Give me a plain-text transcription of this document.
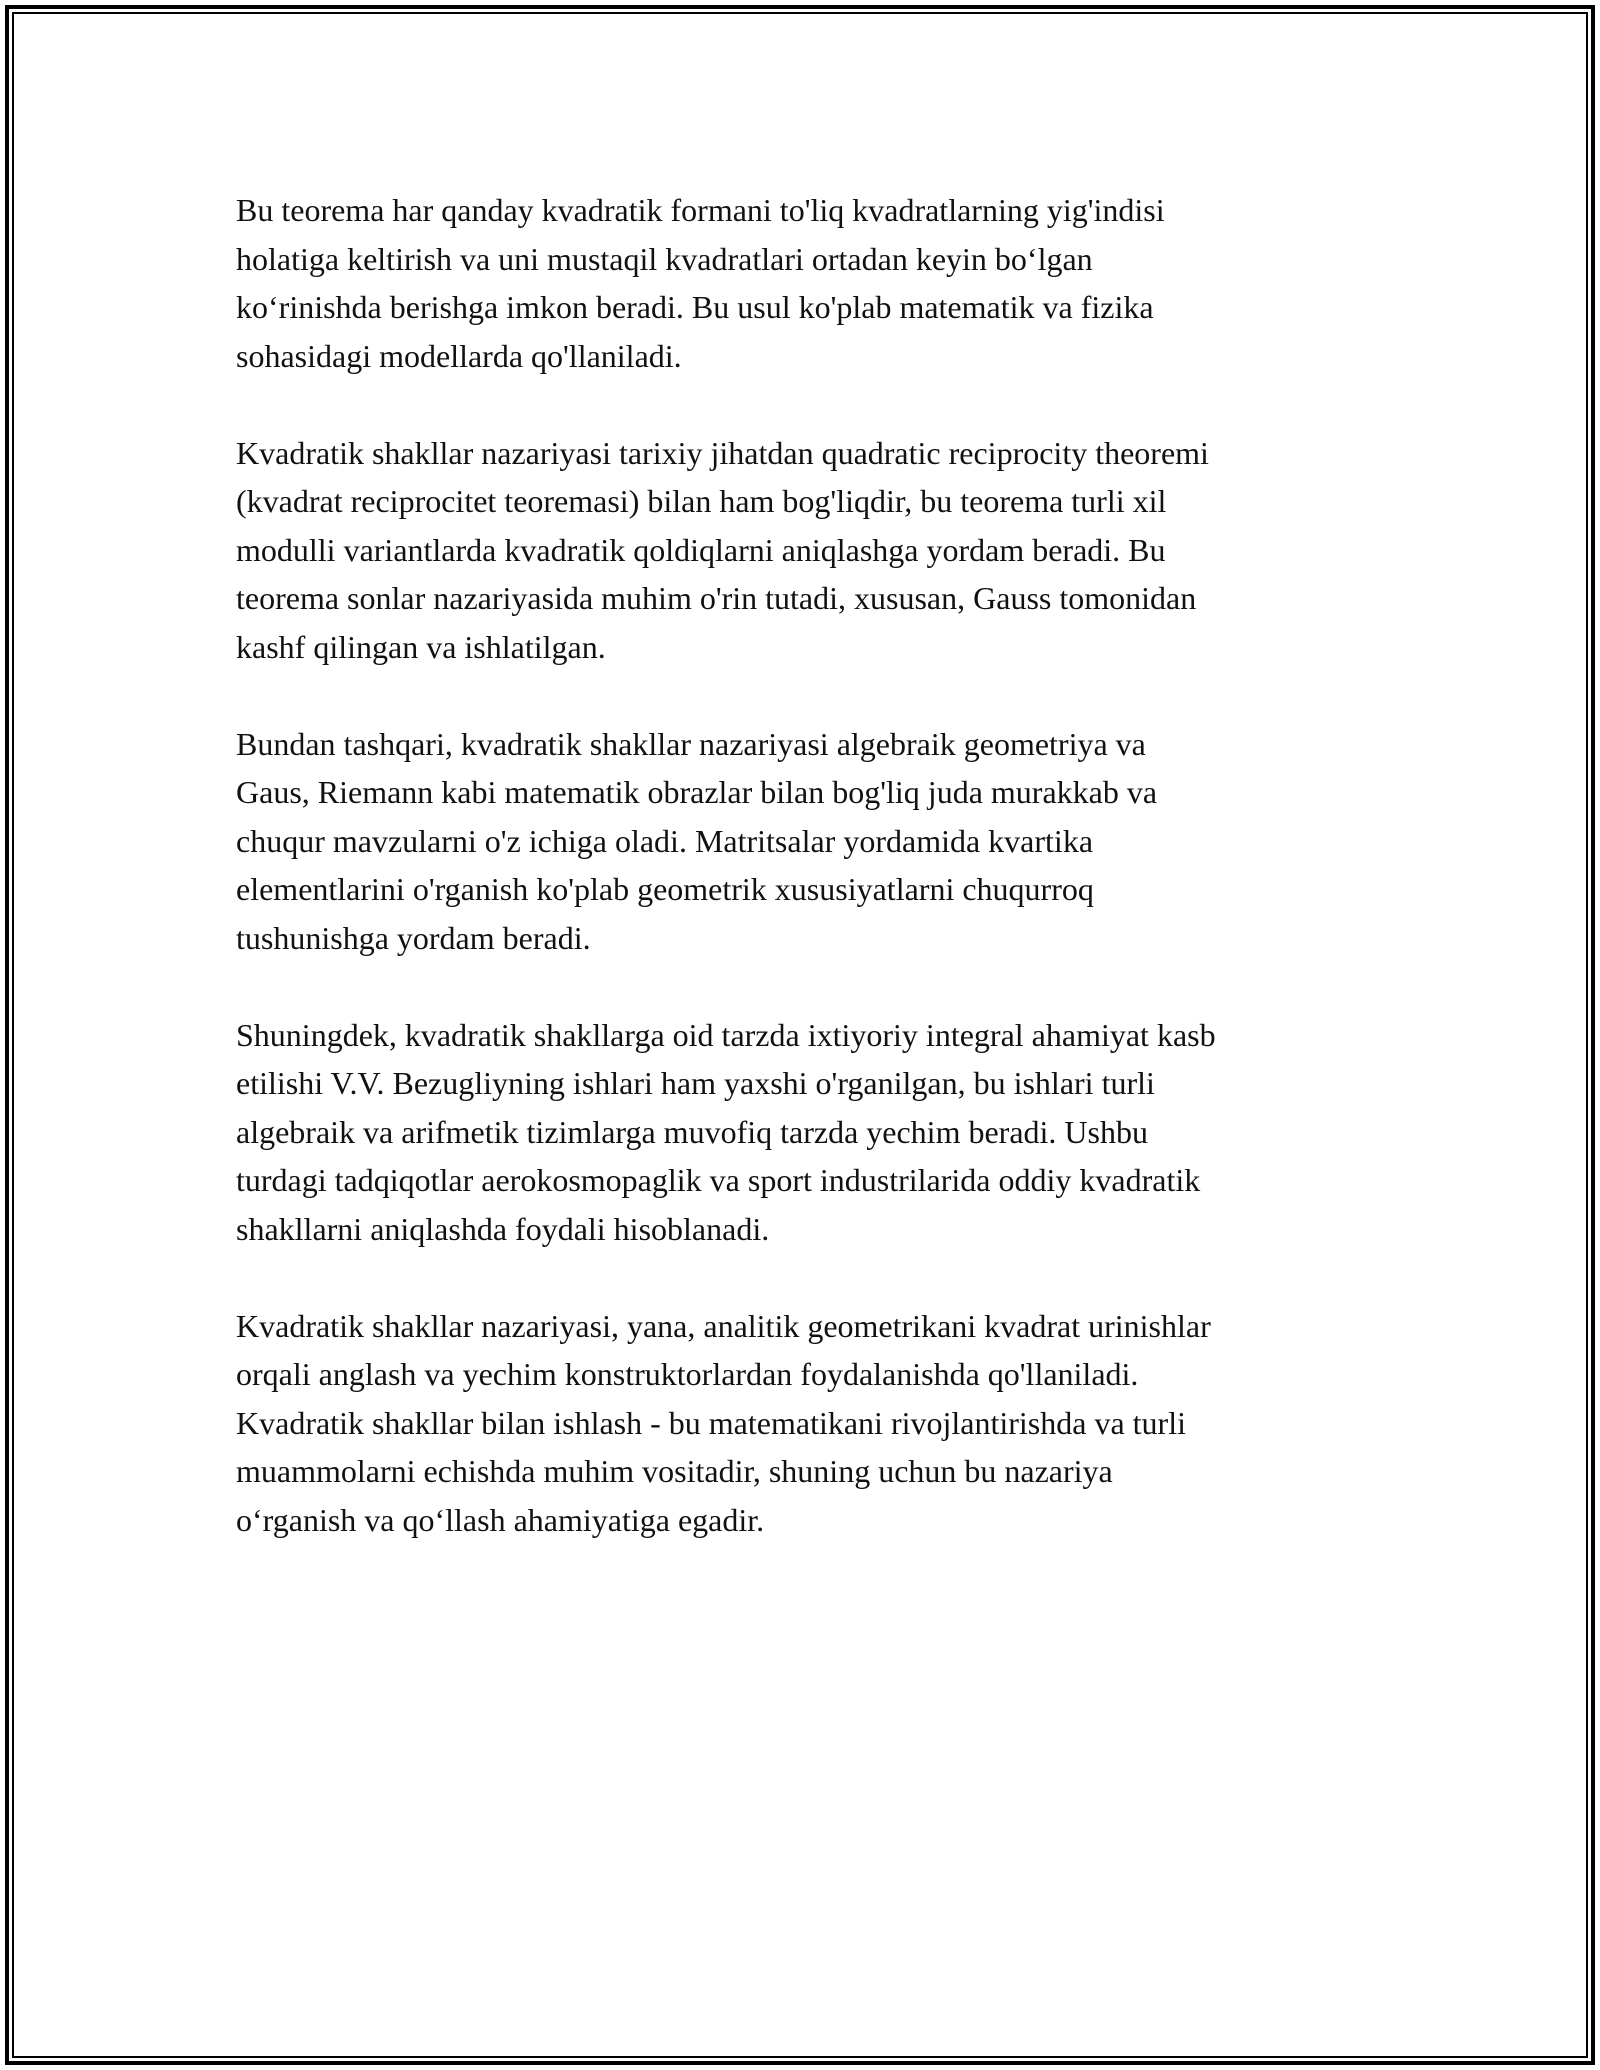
Bu teorema har qanday kvadratik formani to'liq kvadratlarning yig'indisi
holatiga keltirish va uni mustaqil kvadratlari ortadan keyin bo‘lgan
ko‘rinishda berishga imkon beradi. Bu usul ko'plab matematik va fizika
sohasidagi modellarda qo'llaniladi.

Kvadratik shakllar nazariyasi tarixiy jihatdan quadratic reciprocity theoremi
(kvadrat reciprocitet teoremasi) bilan ham bog'liqdir, bu teorema turli xil
modulli variantlarda kvadratik qoldiqlarni aniqlashga yordam beradi. Bu
teorema sonlar nazariyasida muhim o'rin tutadi, xususan, Gauss tomonidan
kashf qilingan va ishlatilgan.

Bundan tashqari, kvadratik shakllar nazariyasi algebraik geometriya va
Gaus, Riemann kabi matematik obrazlar bilan bog'liq juda murakkab va
chuqur mavzularni o'z ichiga oladi. Matritsalar yordamida kvartika
elementlarini o'rganish ko'plab geometrik xususiyatlarni chuqurroq
tushunishga yordam beradi.

Shuningdek, kvadratik shakllarga oid tarzda ixtiyoriy integral ahamiyat kasb
etilishi V.V. Bezugliyning ishlari ham yaxshi o'rganilgan, bu ishlari turli
algebraik va arifmetik tizimlarga muvofiq tarzda yechim beradi. Ushbu
turdagi tadqiqotlar aerokosmopaglik va sport industrilarida oddiy kvadratik
shakllarni aniqlashda foydali hisoblanadi.

Kvadratik shakllar nazariyasi, yana, analitik geometrikani kvadrat urinishlar
orqali anglash va yechim konstruktorlardan foydalanishda qo'llaniladi.
Kvadratik shakllar bilan ishlash - bu matematikani rivojlantirishda va turli
muammolarni echishda muhim vositadir, shuning uchun bu nazariya
o‘rganish va qo‘llash ahamiyatiga egadir.
